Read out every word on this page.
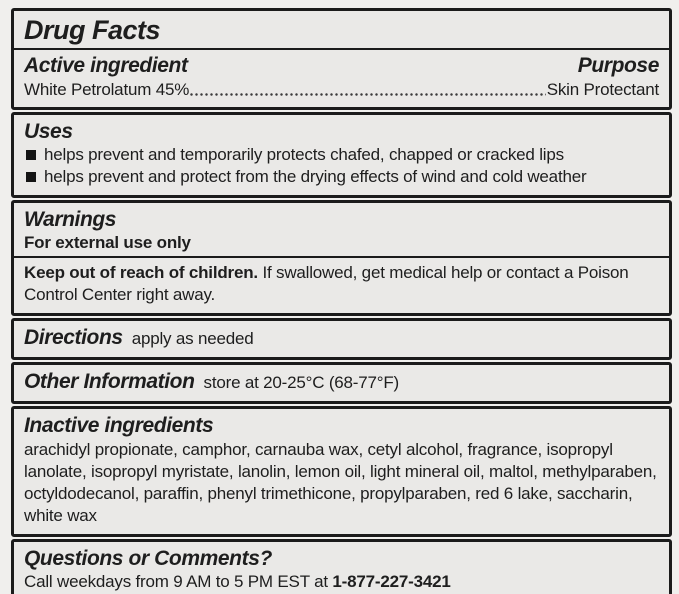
Drug Facts
Active ingredient	Purpose
White Petrolatum 45%	Skin Protectant
Uses
helps prevent and temporarily protects chafed, chapped or cracked lips
helps prevent and protect from the drying effects of wind and cold weather
Warnings
For external use only
Keep out of reach of children. If swallowed, get medical help or contact a Poison Control Center right away.
Directions apply as needed
Other Information store at 20-25°C (68-77°F)
Inactive ingredients
arachidyl propionate, camphor, carnauba wax, cetyl alcohol, fragrance, isopropyl lanolate, isopropyl myristate, lanolin, lemon oil, light mineral oil, maltol, methylparaben, octyldodecanol, paraffin, phenyl trimethicone, propylparaben, red 6 lake, saccharin, white wax
Questions or Comments?
Call weekdays from 9 AM to 5 PM EST at 1-877-227-3421
